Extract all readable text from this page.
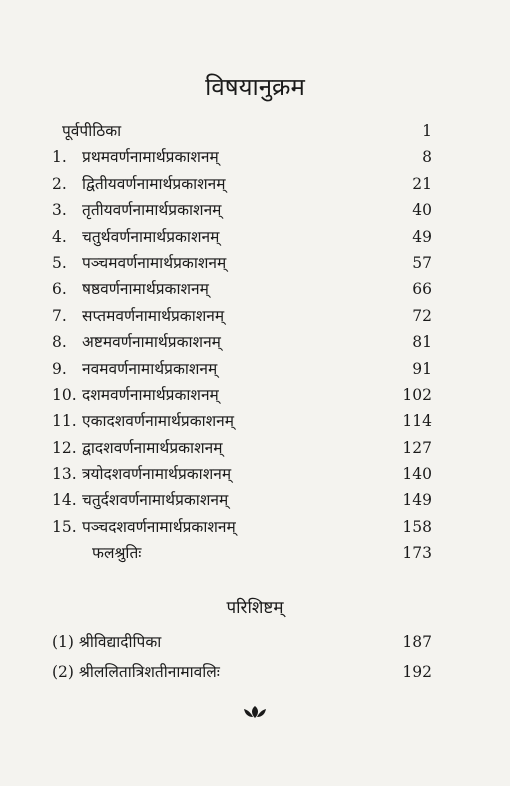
विषयानुक्रम
पूर्वपीठिका	1
1. प्रथमवर्णनामार्थप्रकाशनम्	8
2. द्वितीयवर्णनामार्थप्रकाशनम्	21
3. तृतीयवर्णनामार्थप्रकाशनम्	40
4. चतुर्थवर्णनामार्थप्रकाशनम्	49
5. पञ्चमवर्णनामार्थप्रकाशनम्	57
6. षष्ठवर्णनामार्थप्रकाशनम्	66
7. सप्तमवर्णनामार्थप्रकाशनम्	72
8. अष्टमवर्णनामार्थप्रकाशनम्	81
9. नवमवर्णनामार्थप्रकाशनम्	91
10. दशमवर्णनामार्थप्रकाशनम्	102
11. एकादशवर्णनामार्थप्रकाशनम्	114
12. द्वादशवर्णनामार्थप्रकाशनम्	127
13. त्रयोदशवर्णनामार्थप्रकाशनम्	140
14. चतुर्दशवर्णनामार्थप्रकाशनम्	149
15. पञ्चदशवर्णनामार्थप्रकाशनम्	158
फलश्रुतिः	173
परिशिष्टम्
(1) श्रीविद्यादीपिका	187
(2) श्रीललितात्रिशतीनामावलिः	192
